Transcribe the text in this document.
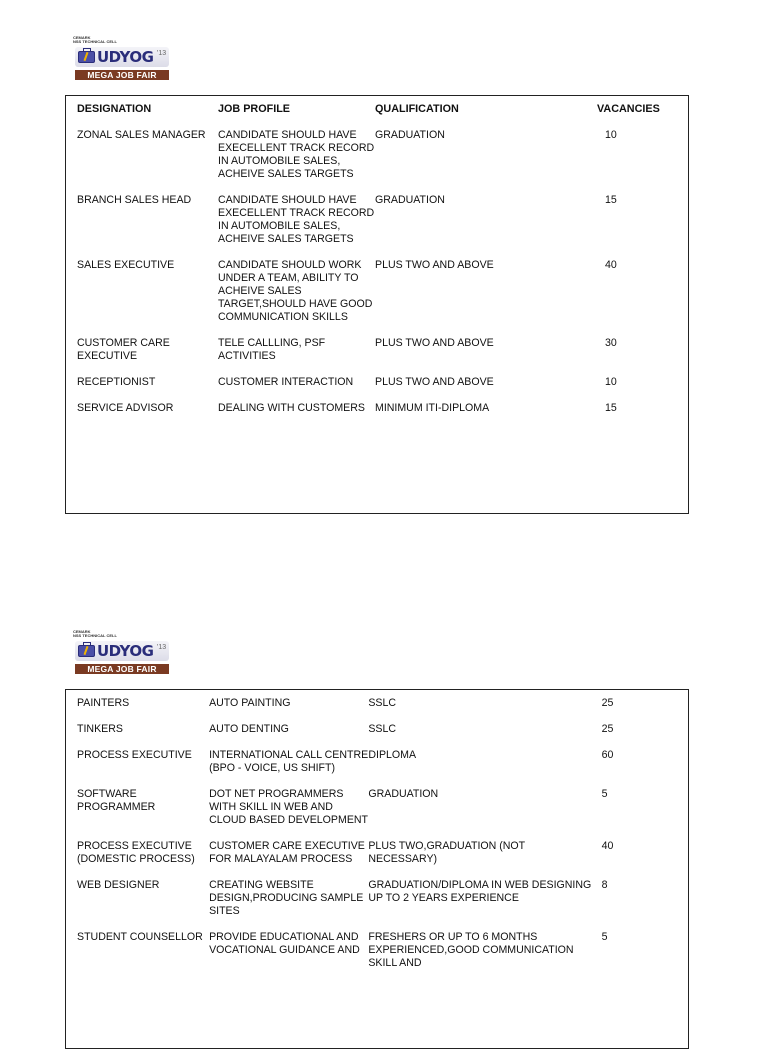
CEMARK
NSS TECHNICAL CELL
UDYOG '13
MEGA JOB FAIR
DESIGNATION	JOB PROFILE	QUALIFICATION	VACANCIES
ZONAL SALES MANAGER	CANDIDATE SHOULD HAVE EXECELLENT TRACK RECORD IN AUTOMOBILE SALES, ACHEIVE SALES TARGETS	GRADUATION	10
BRANCH SALES HEAD	CANDIDATE SHOULD HAVE EXECELLENT TRACK RECORD IN AUTOMOBILE SALES, ACHEIVE SALES TARGETS	GRADUATION	15
SALES EXECUTIVE	CANDIDATE SHOULD WORK UNDER A TEAM, ABILITY TO ACHEIVE SALES TARGET,SHOULD HAVE GOOD COMMUNICATION SKILLS	PLUS TWO AND ABOVE	40
CUSTOMER CARE EXECUTIVE	TELE CALLLING, PSF ACTIVITIES	PLUS TWO AND ABOVE	30
RECEPTIONIST	CUSTOMER INTERACTION	PLUS TWO AND ABOVE	10
SERVICE ADVISOR	DEALING WITH CUSTOMERS	MINIMUM ITI-DIPLOMA	15
CEMARK
NSS TECHNICAL CELL
UDYOG '13
MEGA JOB FAIR
PAINTERS	AUTO PAINTING	SSLC	25
TINKERS	AUTO DENTING	SSLC	25
PROCESS EXECUTIVE	INTERNATIONAL CALL CENTRE (BPO - VOICE, US SHIFT)	DIPLOMA	60
SOFTWARE PROGRAMMER	DOT NET PROGRAMMERS WITH SKILL IN WEB AND CLOUD BASED DEVELOPMENT	GRADUATION	5
PROCESS EXECUTIVE (DOMESTIC PROCESS)	CUSTOMER CARE EXECUTIVE FOR MALAYALAM PROCESS	PLUS TWO,GRADUATION (NOT NECESSARY)	40
WEB DESIGNER	CREATING WEBSITE DESIGN,PRODUCING SAMPLE SITES	GRADUATION/DIPLOMA IN WEB DESIGNING UP TO 2 YEARS EXPERIENCE	8
STUDENT COUNSELLOR	PROVIDE EDUCATIONAL AND VOCATIONAL GUIDANCE AND	FRESHERS OR UP TO 6 MONTHS EXPERIENCED,GOOD COMMUNICATION SKILL AND	5
